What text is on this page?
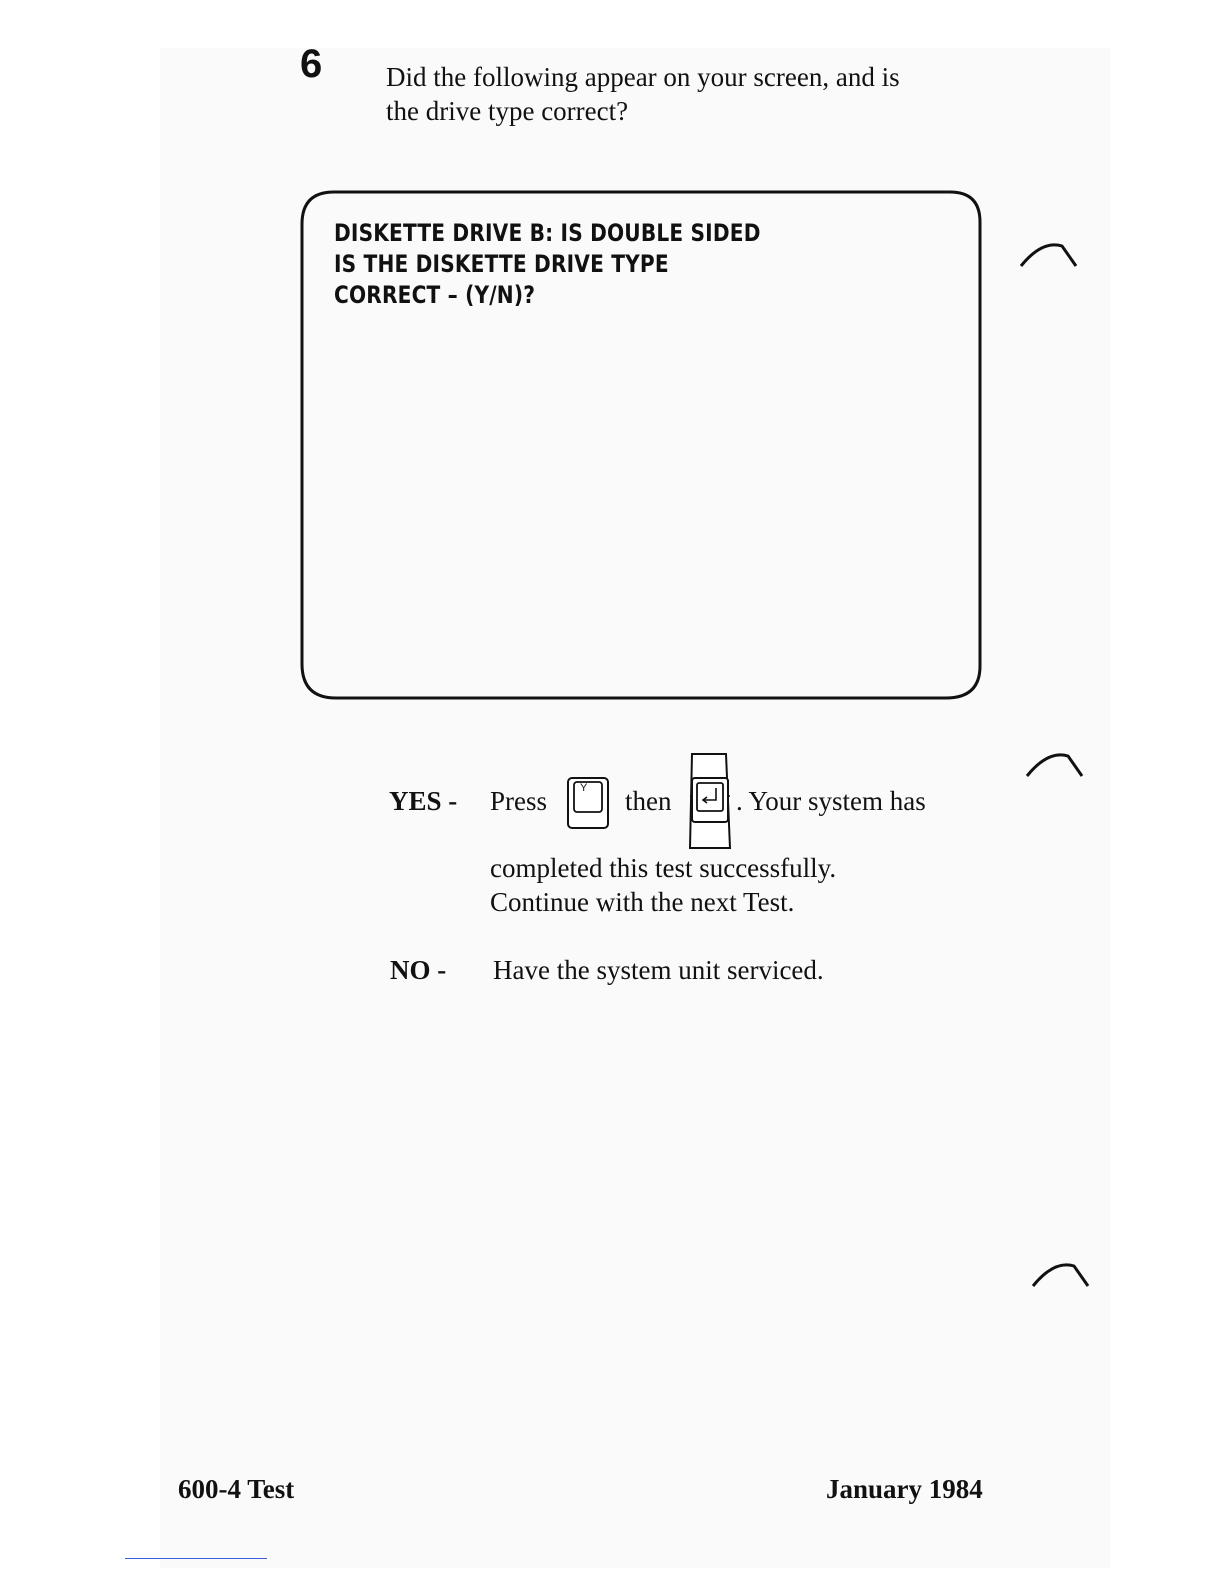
6 Did the following appear on your screen, and is
the drive type correct?
DISKETTE DRIVE B: IS DOUBLE SIDED
IS THE DISKETTE DRIVE TYPE
CORRECT – (Y/N)?
YES - Press	Y then . Your system has
completed this test successfully.
Continue with the next Test.
NO - Have the system unit serviced.
600-4 Test	January 1984
